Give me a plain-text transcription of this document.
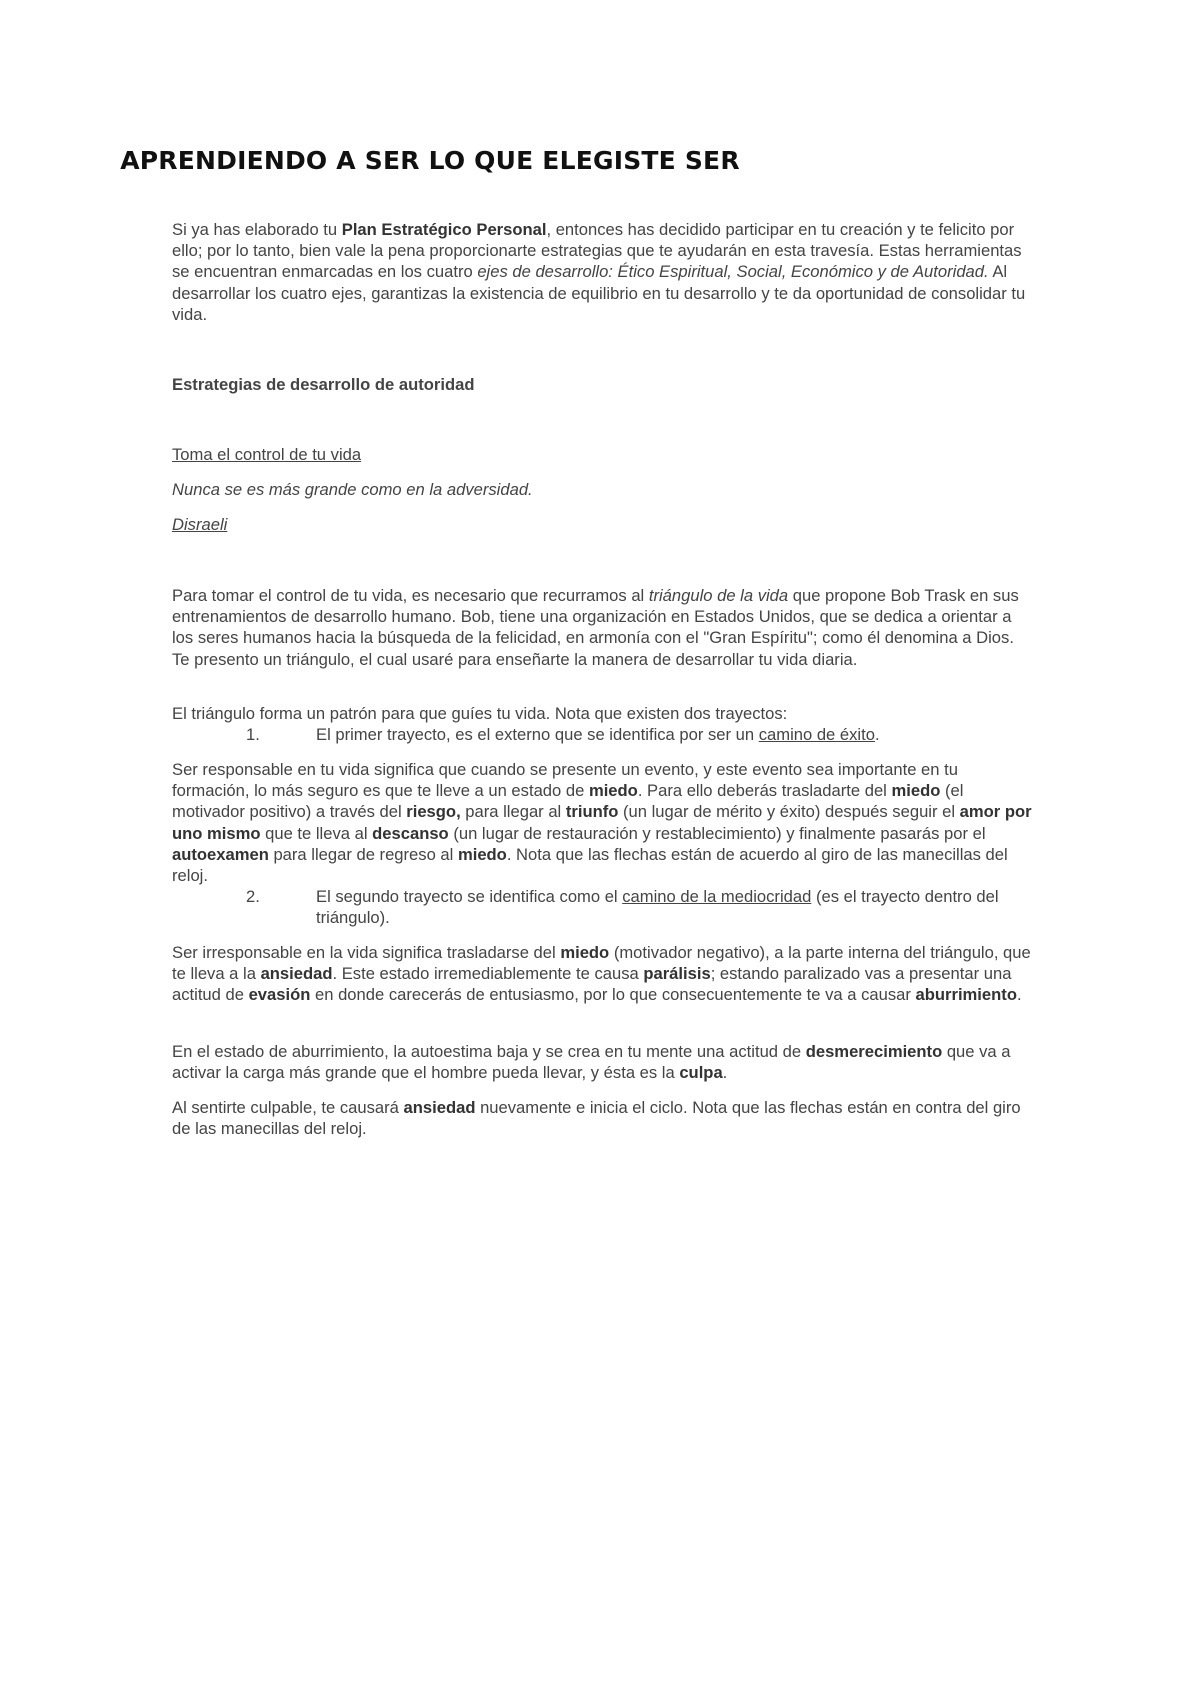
APRENDIENDO A SER LO QUE ELEGISTE SER

Si ya has elaborado tu Plan Estratégico Personal, entonces has decidido participar en tu creación y te felicito por ello; por lo tanto, bien vale la pena proporcionarte estrategias que te ayudarán en esta travesía. Estas herramientas se encuentran enmarcadas en los cuatro ejes de desarrollo: Ético Espiritual, Social, Económico y de Autoridad. Al desarrollar los cuatro ejes, garantizas la existencia de equilibrio en tu desarrollo y te da oportunidad de consolidar tu vida.

Estrategias de desarrollo de autoridad

Toma el control de tu vida

Nunca se es más grande como en la adversidad.

Disraeli

Para tomar el control de tu vida, es necesario que recurramos al triángulo de la vida que propone Bob Trask en sus entrenamientos de desarrollo humano. Bob, tiene una organización en Estados Unidos, que se dedica a orientar a los seres humanos hacia la búsqueda de la felicidad, en armonía con el "Gran Espíritu"; como él denomina a Dios. Te presento un triángulo, el cual usaré para enseñarte la manera de desarrollar tu vida diaria.

El triángulo forma un patrón para que guíes tu vida. Nota que existen dos trayectos:

1.	El primer trayecto, es el externo que se identifica por ser un camino de éxito.

Ser responsable en tu vida significa que cuando se presente un evento, y este evento sea importante en tu formación, lo más seguro es que te lleve a un estado de miedo. Para ello deberás trasladarte del miedo (el motivador positivo) a través del riesgo, para llegar al triunfo (un lugar de mérito y éxito) después seguir el amor por uno mismo que te lleva al descanso (un lugar de restauración y restablecimiento) y finalmente pasarás por el autoexamen para llegar de regreso al miedo. Nota que las flechas están de acuerdo al giro de las manecillas del reloj.

2.	El segundo trayecto se identifica como el camino de la mediocridad (es el trayecto dentro del triángulo).

Ser irresponsable en la vida significa trasladarse del miedo (motivador negativo), a la parte interna del triángulo, que te lleva a la ansiedad. Este estado irremediablemente te causa parálisis; estando paralizado vas a presentar una actitud de evasión en donde carecerás de entusiasmo, por lo que consecuentemente te va a causar aburrimiento.

En el estado de aburrimiento, la autoestima baja y se crea en tu mente una actitud de desmerecimiento que va a activar la carga más grande que el hombre pueda llevar, y ésta es la culpa.

Al sentirte culpable, te causará ansiedad nuevamente e inicia el ciclo. Nota que las flechas están en contra del giro de las manecillas del reloj.
